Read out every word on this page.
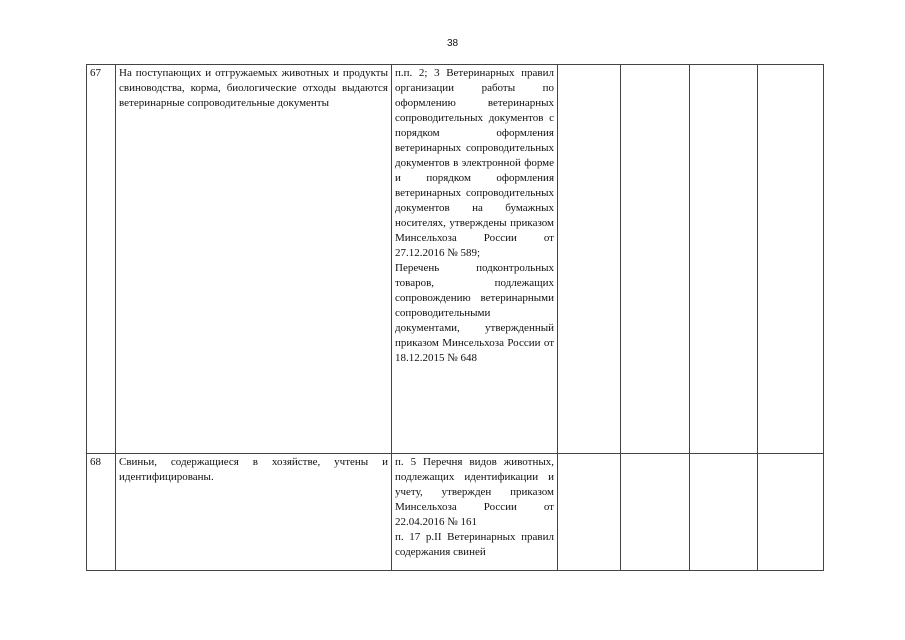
38
67	На поступающих и отгружаемых животных и продукты свиноводства, корма, биологические отходы выдаются ветеринарные сопроводительные документы	п.п. 2; 3 Ветеринарных правил организации работы по оформлению ветеринарных сопроводительных документов с порядком оформления ветеринарных сопроводительных документов в электронной форме и порядком оформления ветеринарных сопроводительных документов на бумажных носителях, утверждены приказом Минсельхоза России от 27.12.2016 № 589;
Перечень подконтрольных товаров, подлежащих сопровождению ветеринарными сопроводительными документами, утвержденный приказом Минсельхоза России от 18.12.2015 № 648				

68	Свиньи, содержащиеся в хозяйстве, учтены и идентифицированы.	п. 5 Перечня видов животных, подлежащих идентификации и учету, утвержден приказом Минсельхоза России от 22.04.2016 № 161
п. 17 р.II Ветеринарных правил содержания свиней				
